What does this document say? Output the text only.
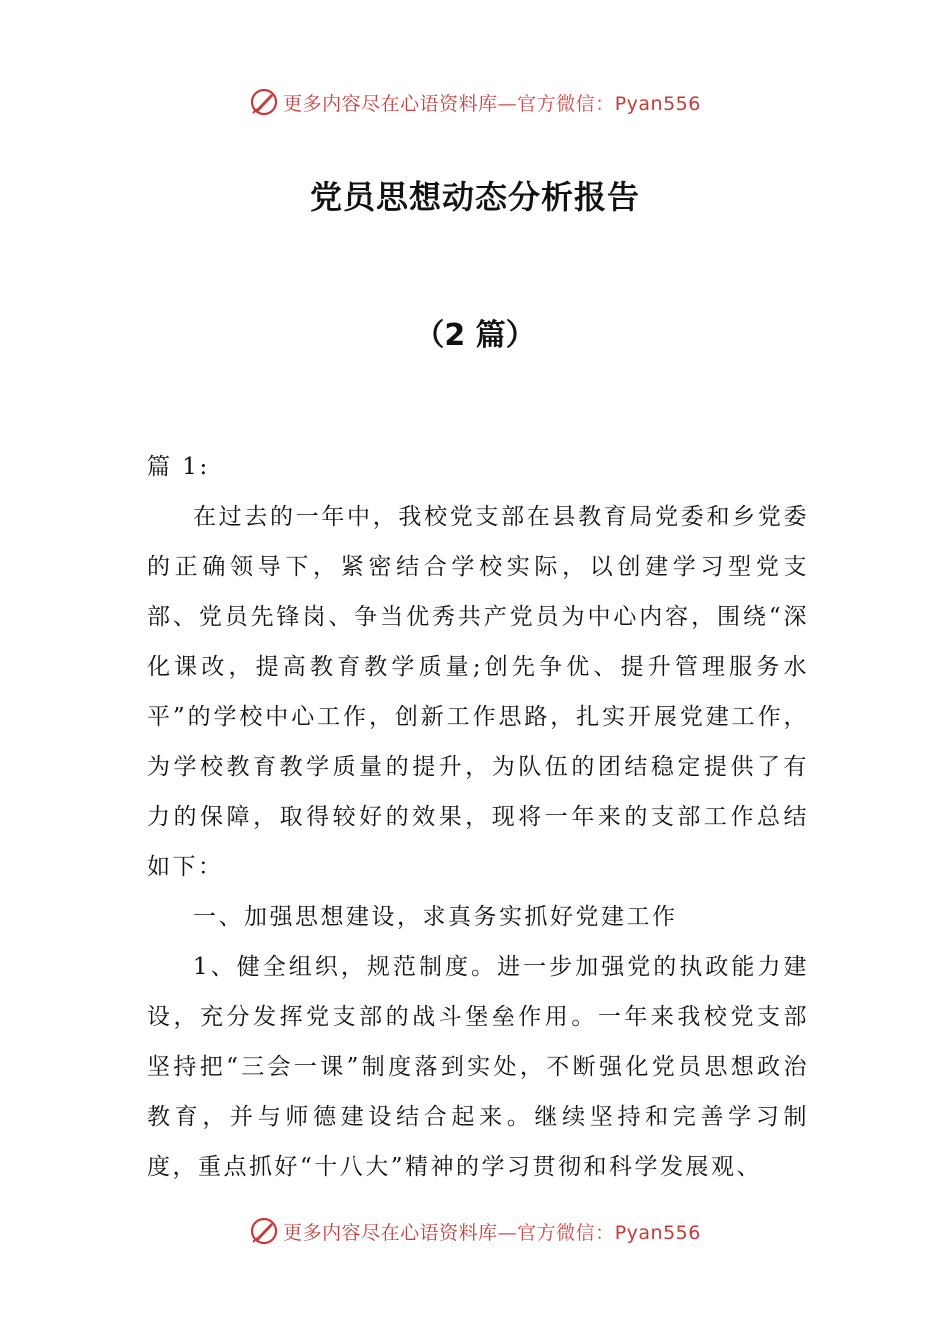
更多内容尽在心语资料库—官方微信：Pyan556
党员思想动态分析报告
（2 篇）

篇 1:

在过去的一年中，我校党支部在县教育局党委和乡党委的正确领导下，紧密结合学校实际，以创建学习型党支部、党员先锋岗、争当优秀共产党员为中心内容，围绕“深化课改，提高教育教学质量;创先争优、提升管理服务水平”的学校中心工作，创新工作思路，扎实开展党建工作，为学校教育教学质量的提升，为队伍的团结稳定提供了有力的保障，取得较好的效果，现将一年来的支部工作总结如下：

一、加强思想建设，求真务实抓好党建工作

1、健全组织，规范制度。进一步加强党的执政能力建设，充分发挥党支部的战斗堡垒作用。一年来我校党支部坚持把“三会一课”制度落到实处，不断强化党员思想政治教育，并与师德建设结合起来。继续坚持和完善学习制度，重点抓好“十八大”精神的学习贯彻和科学发展观、

更多内容尽在心语资料库—官方微信：Pyan556
